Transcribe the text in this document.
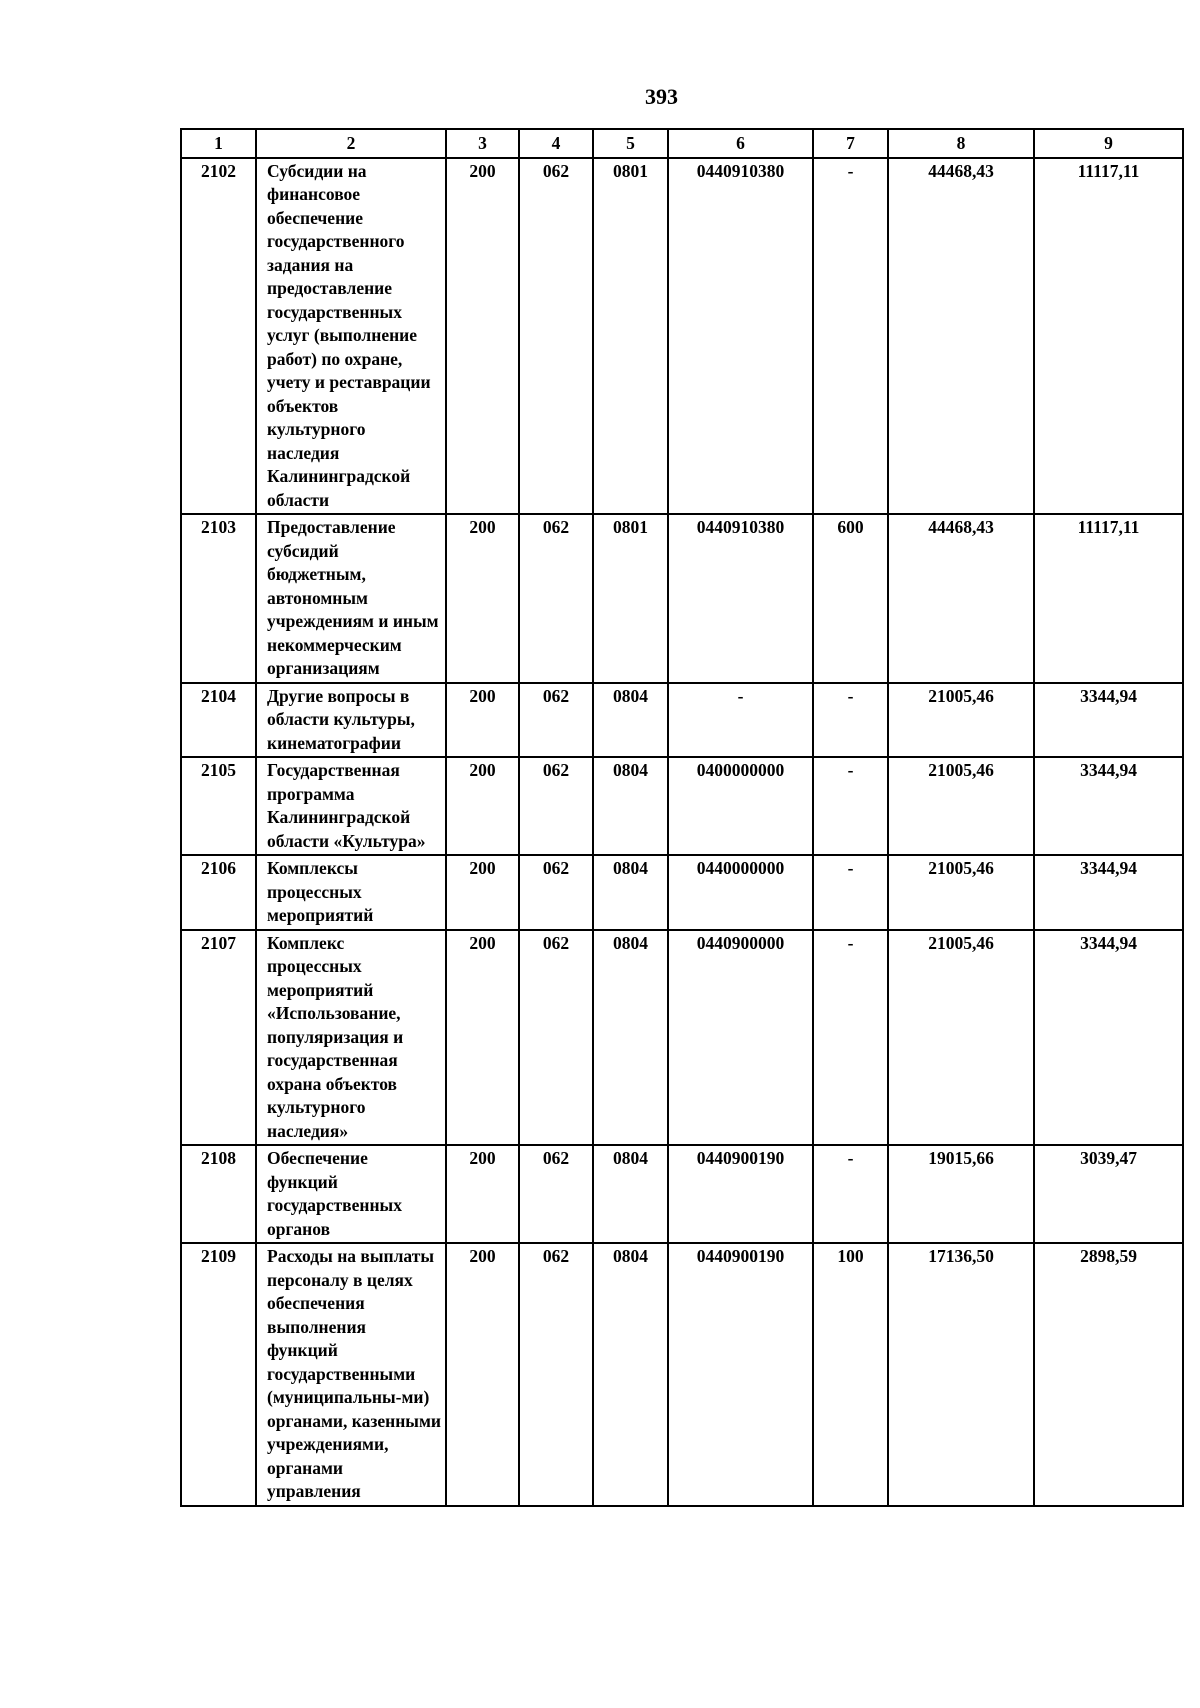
393
1	2	3	4	5	6	7	8	9
2102	Субсидии на финансовое обеспечение государственного задания на предоставление государственных услуг (выполнение работ) по охране, учету и реставрации объектов культурного наследия Калининградской области	200	062	0801	0440910380	-	44468,43	11117,11
2103	Предоставление субсидий бюджетным, автономным учреждениям и иным некоммерческим организациям	200	062	0801	0440910380	600	44468,43	11117,11
2104	Другие вопросы в области культуры, кинематографии	200	062	0804	-	-	21005,46	3344,94
2105	Государственная программа Калининградской области «Культура»	200	062	0804	0400000000	-	21005,46	3344,94
2106	Комплексы процессных мероприятий	200	062	0804	0440000000	-	21005,46	3344,94
2107	Комплекс процессных мероприятий «Использование, популяризация и государственная охрана объектов культурного наследия»	200	062	0804	0440900000	-	21005,46	3344,94
2108	Обеспечение функций государственных органов	200	062	0804	0440900190	-	19015,66	3039,47
2109	Расходы на выплаты персоналу в целях обеспечения выполнения функций государственными (муниципальны-ми) органами, казенными учреждениями, органами управления	200	062	0804	0440900190	100	17136,50	2898,59
